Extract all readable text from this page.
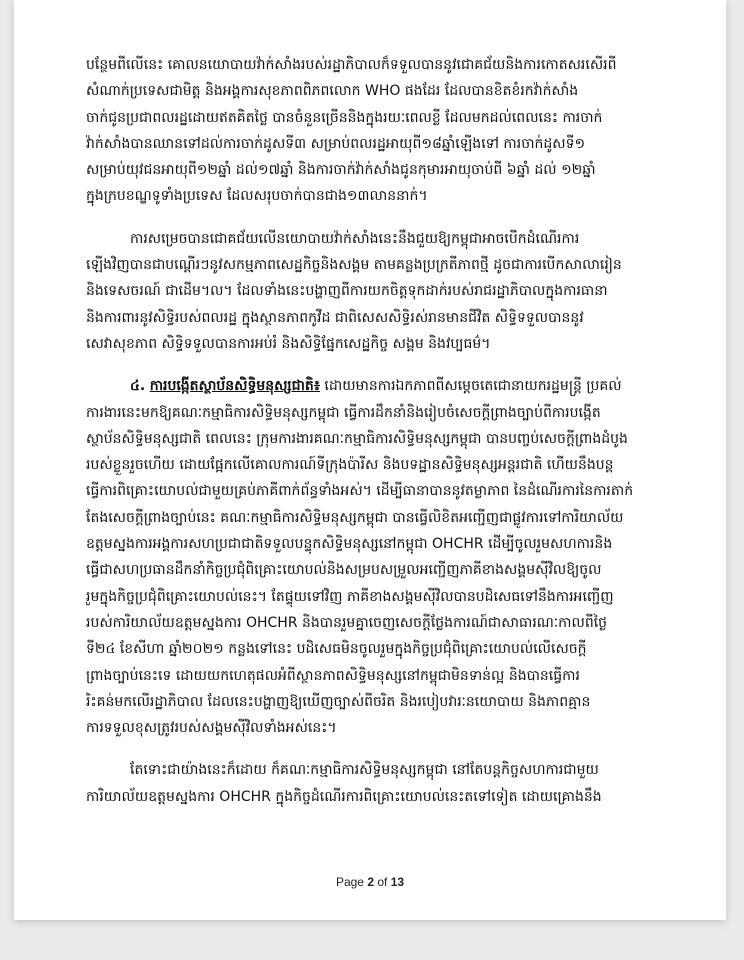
បន្ថែមពីលើនេះ គោលនយោបាយវ៉ាក់សាំងរបស់រដ្ឋាភិបាលក៏ទទួលបាននូវជោគជ័យនិងការកោតសរសើរពី
សំណាក់ប្រទេសជាមិត្ត និងអង្គការសុខភាពពិភពលោក WHO ផងដែរ ដែលបានខិតខំរកវ៉ាក់សាំង
ចាក់ជូនប្រជាពលរដ្ឋដោយឥតគិតថ្លៃ បានចំនួនច្រើននិងក្នុងរយៈពេលខ្លី ដែលមកដល់ពេលនេះ ការចាក់
វ៉ាក់សាំងបានឈានទៅដល់ការចាក់ដូសទី៣ សម្រាប់ពលរដ្ឋអាយុពី១៨ឆ្នាំឡើងទៅ ការចាក់ដូសទី១
សម្រាប់យុវជនអាយុពី១២ឆ្នាំ ដល់១៧ឆ្នាំ និងការចាក់វ៉ាក់សាំងជូនកុមារអាយុចាប់ពី ៦ឆ្នាំ ដល់ ១២ឆ្នាំ
ក្នុងក្របខណ្ឌទូទាំងប្រទេស ដែលសរុបចាក់បានជាង១៣លាននាក់។
ការសម្រេចបានជោគជ័យលើនយោបាយវ៉ាក់សាំងនេះនឹងជួយឱ្យកម្ពុជាអាចបើកដំណើរការ
ឡើងវិញបានជាបណ្តើរៗនូវសកម្មភាពសេដ្ឋកិច្ចនិងសង្គម តាមគន្លងប្រក្រតីភាពថ្មី ដូចជាការបើកសាលារៀន
និងទេសចរណ៍ ជាដើម។ល។ ដែលទាំងនេះបង្ហាញពីការយកចិត្តទុកដាក់របស់រាជរដ្ឋាភិបាលក្នុងការធានា
និងការពារនូវសិទ្ធិរបស់ពលរដ្ឋ ក្នុងស្ថានភាពកូវីដ ជាពិសេសសិទ្ធិរស់រានមានជីវិត សិទ្ធិទទួលបាននូវ
សេវាសុខភាព សិទ្ធិទទួលបានការអប់រំ និងសិទ្ធិផ្នែកសេដ្ឋកិច្ច សង្គម និងវប្បធម៌។
៤. ការបង្កើតស្ថាប័នសិទ្ធិមនុស្សជាតិ៖ ដោយមានការឯកភាពពីសម្តេចតេជោនាយករដ្ឋមន្ត្រី ប្រគល់
ការងារនេះមកឱ្យគណៈកម្មាធិការសិទ្ធិមនុស្សកម្ពុជា ធ្វើការដឹកនាំនិងរៀបចំសេចក្តីព្រាងច្បាប់ពីការបង្កើត
ស្ថាប័នសិទ្ធិមនុស្សជាតិ ពេលនេះ ក្រុមការងារគណៈកម្មាធិការសិទ្ធិមនុស្សកម្ពុជា បានបញ្ចប់សេចក្តីព្រាងដំបូង
របស់ខ្លួនរួចហើយ ដោយផ្អែកលើគោលការណ៍ទីក្រុងប៉ារីស និងបទដ្ឋានសិទ្ធិមនុស្សអន្តរជាតិ ហើយនឹងបន្ត
ធ្វើការពិគ្រោះយោបល់ជាមួយគ្រប់ភាគីពាក់ព័ន្ធទាំងអស់។ ដើម្បីធានាបាននូវតម្លាភាព នៃដំណើរការនៃការតាក់
តែងសេចក្តីព្រាងច្បាប់នេះ គណៈកម្មាធិការសិទ្ធិមនុស្សកម្ពុជា បានធ្វើលិខិតអញ្ជើញជាផ្លូវការទៅការិយាល័យ
ឧត្តមស្នងការអង្គការសហប្រជាជាតិទទួលបន្ទុកសិទ្ធិមនុស្សនៅកម្ពុជា OHCHR ដើម្បីចូលរួមសហការនិង
ធ្វើជាសហប្រធានដឹកនាំកិច្ចប្រជុំពិគ្រោះយោបល់និងសម្របសម្រួលអញ្ជើញភាគីខាងសង្គមស៊ីវិលឱ្យចូល
រួមក្នុងកិច្ចប្រជុំពិគ្រោះយោបល់នេះ។ តែផ្ទុយទៅវិញ ភាគីខាងសង្គមស៊ីវិលបានបដិសេធទៅនឹងការអញ្ជើញ
របស់ការិយាល័យឧត្តមស្នងការ OHCHR និងបានរួមគ្នាចេញសេចក្តីថ្លែងការណ៍ជាសាធារណៈកាលពីថ្ងៃ
ទី២៤ ខែសីហា ឆ្នាំ២០២១ កន្លងទៅនេះ បដិសេធមិនចូលរួមក្នុងកិច្ចប្រជុំពិគ្រោះយោបល់លើសេចក្តី
ព្រាងច្បាប់នេះទេ ដោយយកហេតុផលអំពីស្ថានភាពសិទ្ធិមនុស្សនៅកម្ពុជាមិនទាន់ល្អ និងបានធ្វើការ
រិះគន់មកលើរដ្ឋាភិបាល ដែលនេះបង្ហាញឱ្យឃើញច្បាស់ពីចរិត និងរបៀបវារៈនយោបាយ និងភាពគ្មាន
ការទទួលខុសត្រូវរបស់សង្គមស៊ីវិលទាំងអស់នេះ។
តែទោះជាយ៉ាងនេះក៏ដោយ ក៏គណៈកម្មាធិការសិទ្ធិមនុស្សកម្ពុជា នៅតែបន្តកិច្ចសហការជាមួយ
ការិយាល័យឧត្តមស្នងការ OHCHR ក្នុងកិច្ចដំណើរការពិគ្រោះយោបល់នេះតទៅទៀត ដោយគ្រោងនឹង
Page 2 of 13
